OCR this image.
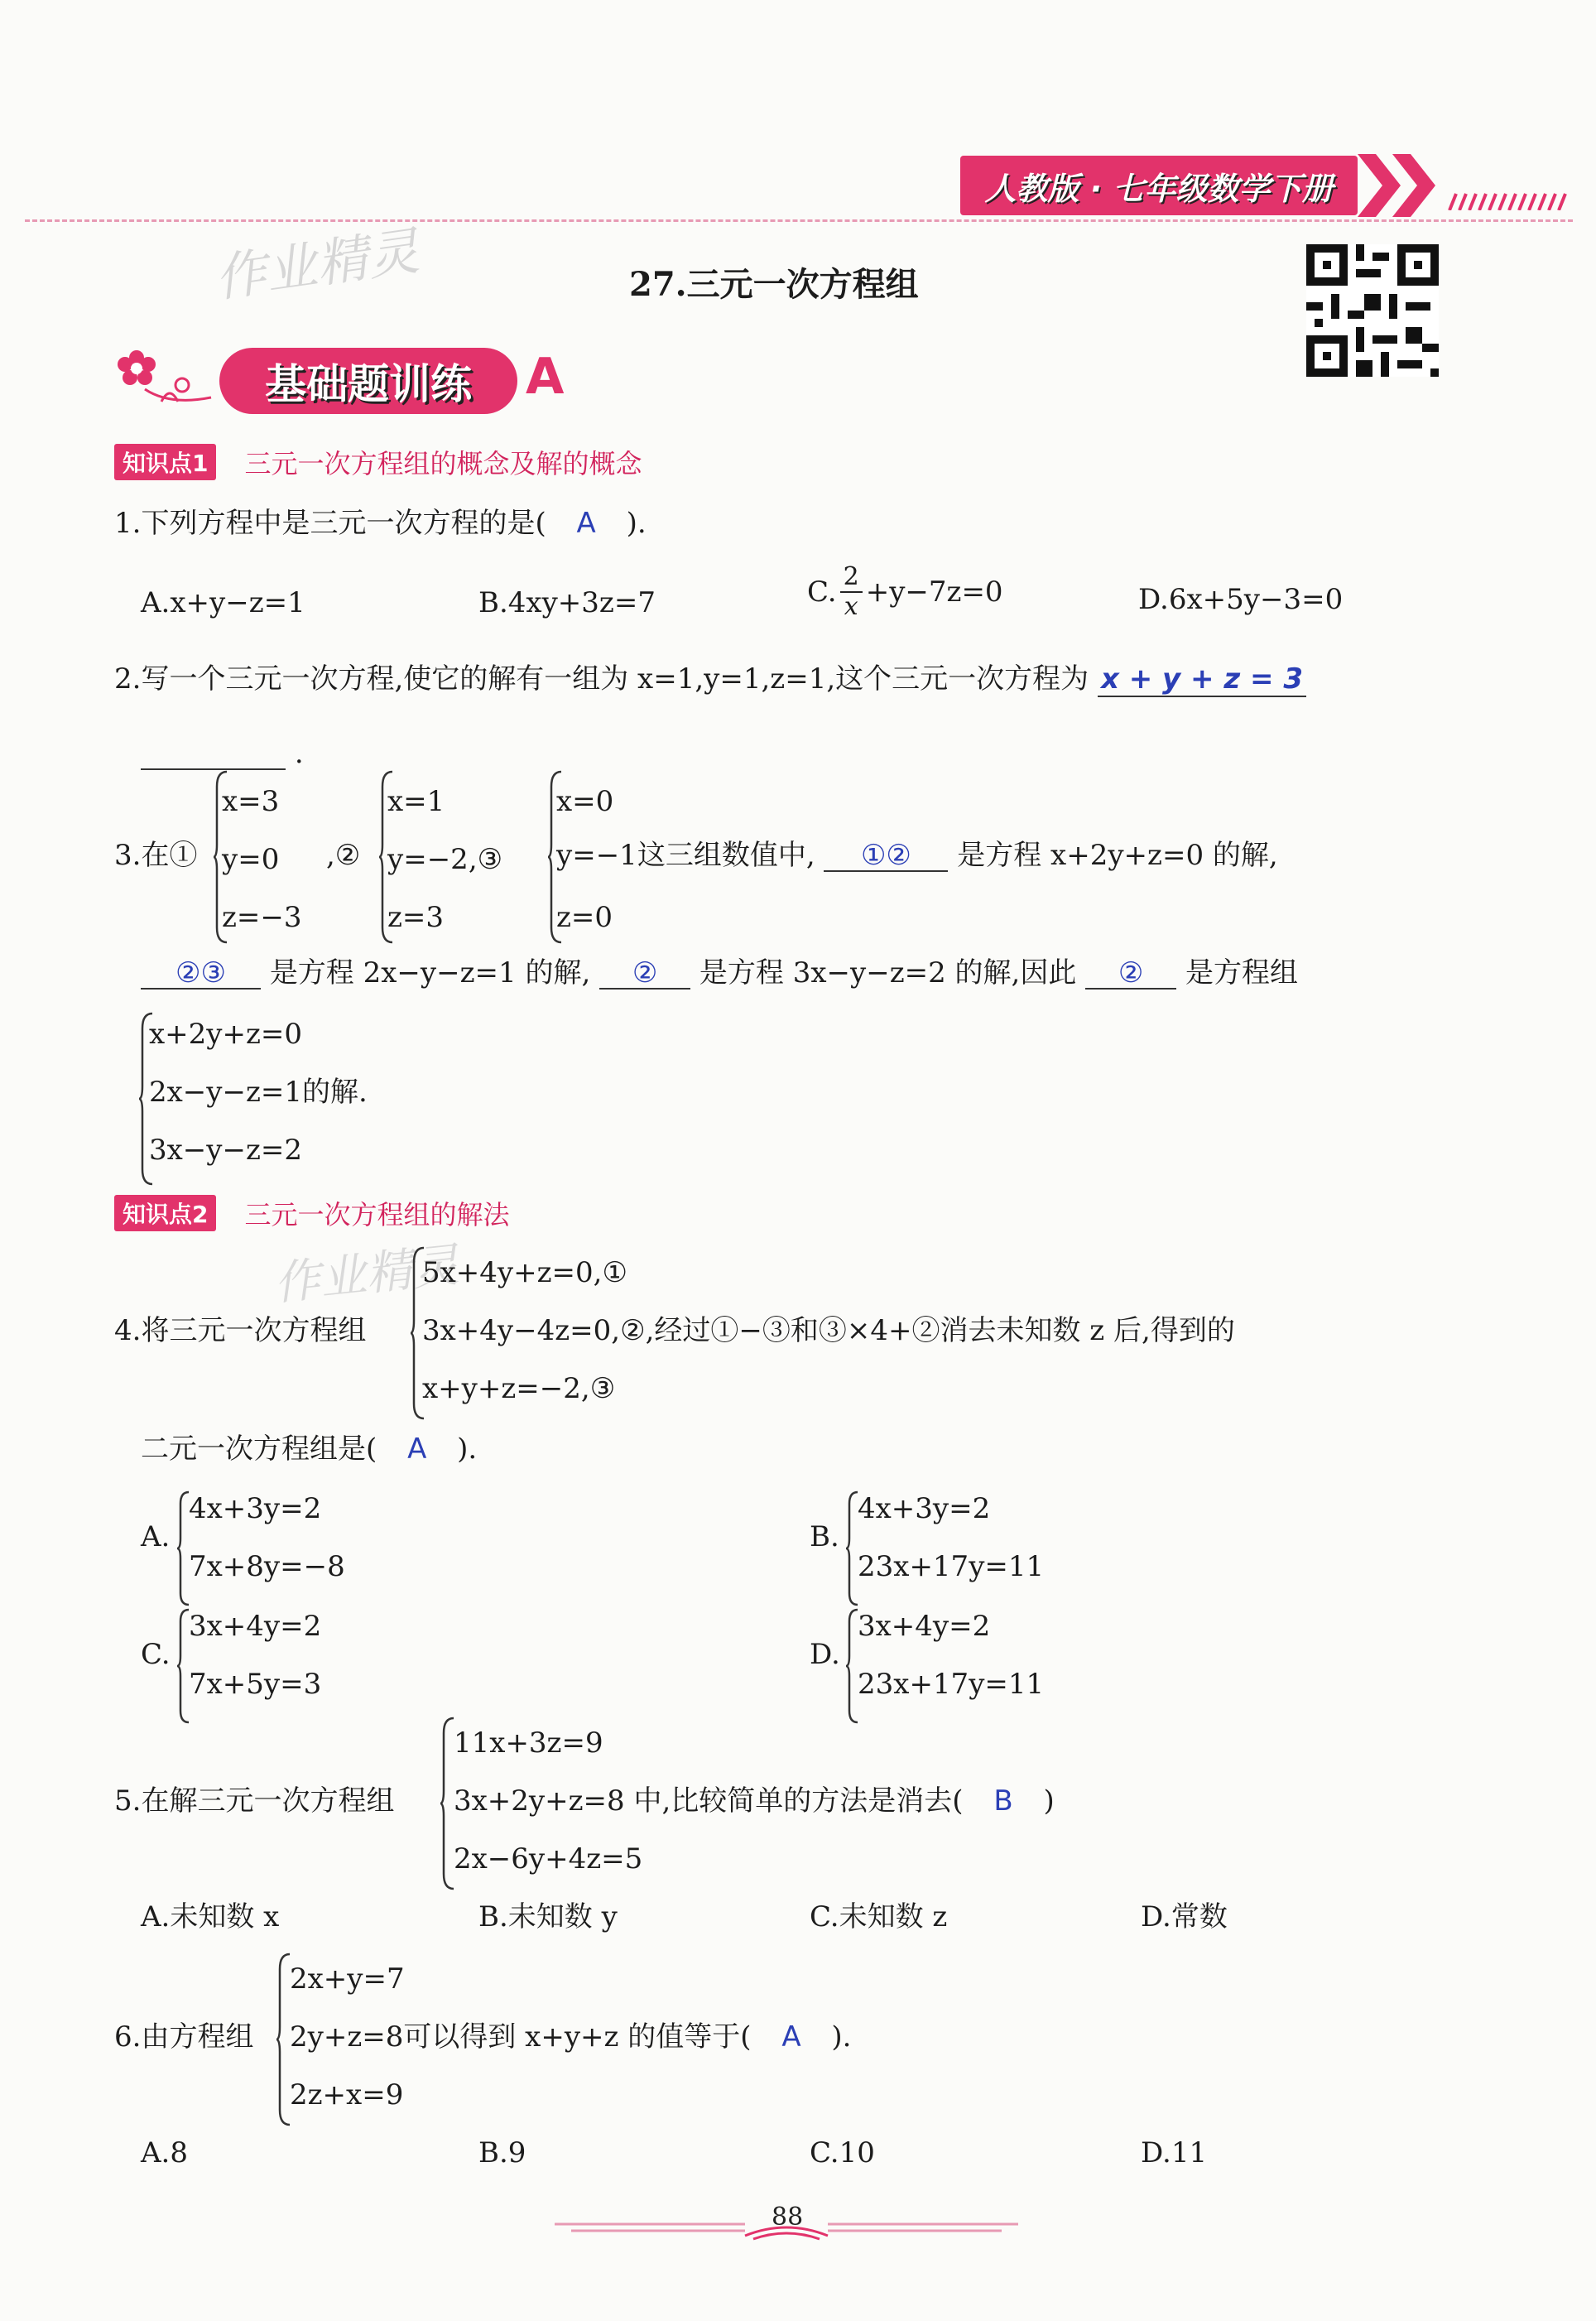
人教版 · 七年级数学下册
作业精灵	27.三元一次方程组
基础题训练 A
知识点1	三元一次方程组的概念及解的概念
1.下列方程中是三元一次方程的是( A ).
A.x+y−z=1	B.4xy+3z=7	C. $\frac{2}{x} +y-7z=0$	D.6x+5y−3=0
2.写一个三元一次方程,使它的解有一组为 x=1,y=1,z=1,这个三元一次方程为 x + y + z = 3
.
3.在①
x=3
y=0
z=−3
,②
x=1
y=−2,③
z=3
x=0
y=−1这三组数值中, ①② 是方程 x+2y+z=0 的解,
z=0
②③ 是方程 2x−y−z=1 的解, ② 是方程 3x−y−z=2 的解,因此 ② 是方程组
x+2y+z=0
2x−y−z=1的解.
3x−y−z=2
知识点2	三元一次方程组的解法
作业精灵
4.将三元一次方程组
5x+4y+z=0,①
3x+4y−4z=0,②,经过①−③和③×4+②消去未知数 z 后,得到的
x+y+z=−2,③
二元一次方程组是( A ).
A.
4x+3y=2
7x+8y=−8
B.
4x+3y=2
23x+17y=11
C.
3x+4y=2
7x+5y=3
D.
3x+4y=2
23x+17y=11
5.在解三元一次方程组
11x+3z=9
3x+2y+z=8 中,比较简单的方法是消去( B )
2x−6y+4z=5
A.未知数 x	B.未知数 y	C.未知数 z	D.常数
6.由方程组
2x+y=7
2y+z=8可以得到 x+y+z 的值等于( A ).
2z+x=9
A.8	B.9	C.10	D.11
88
